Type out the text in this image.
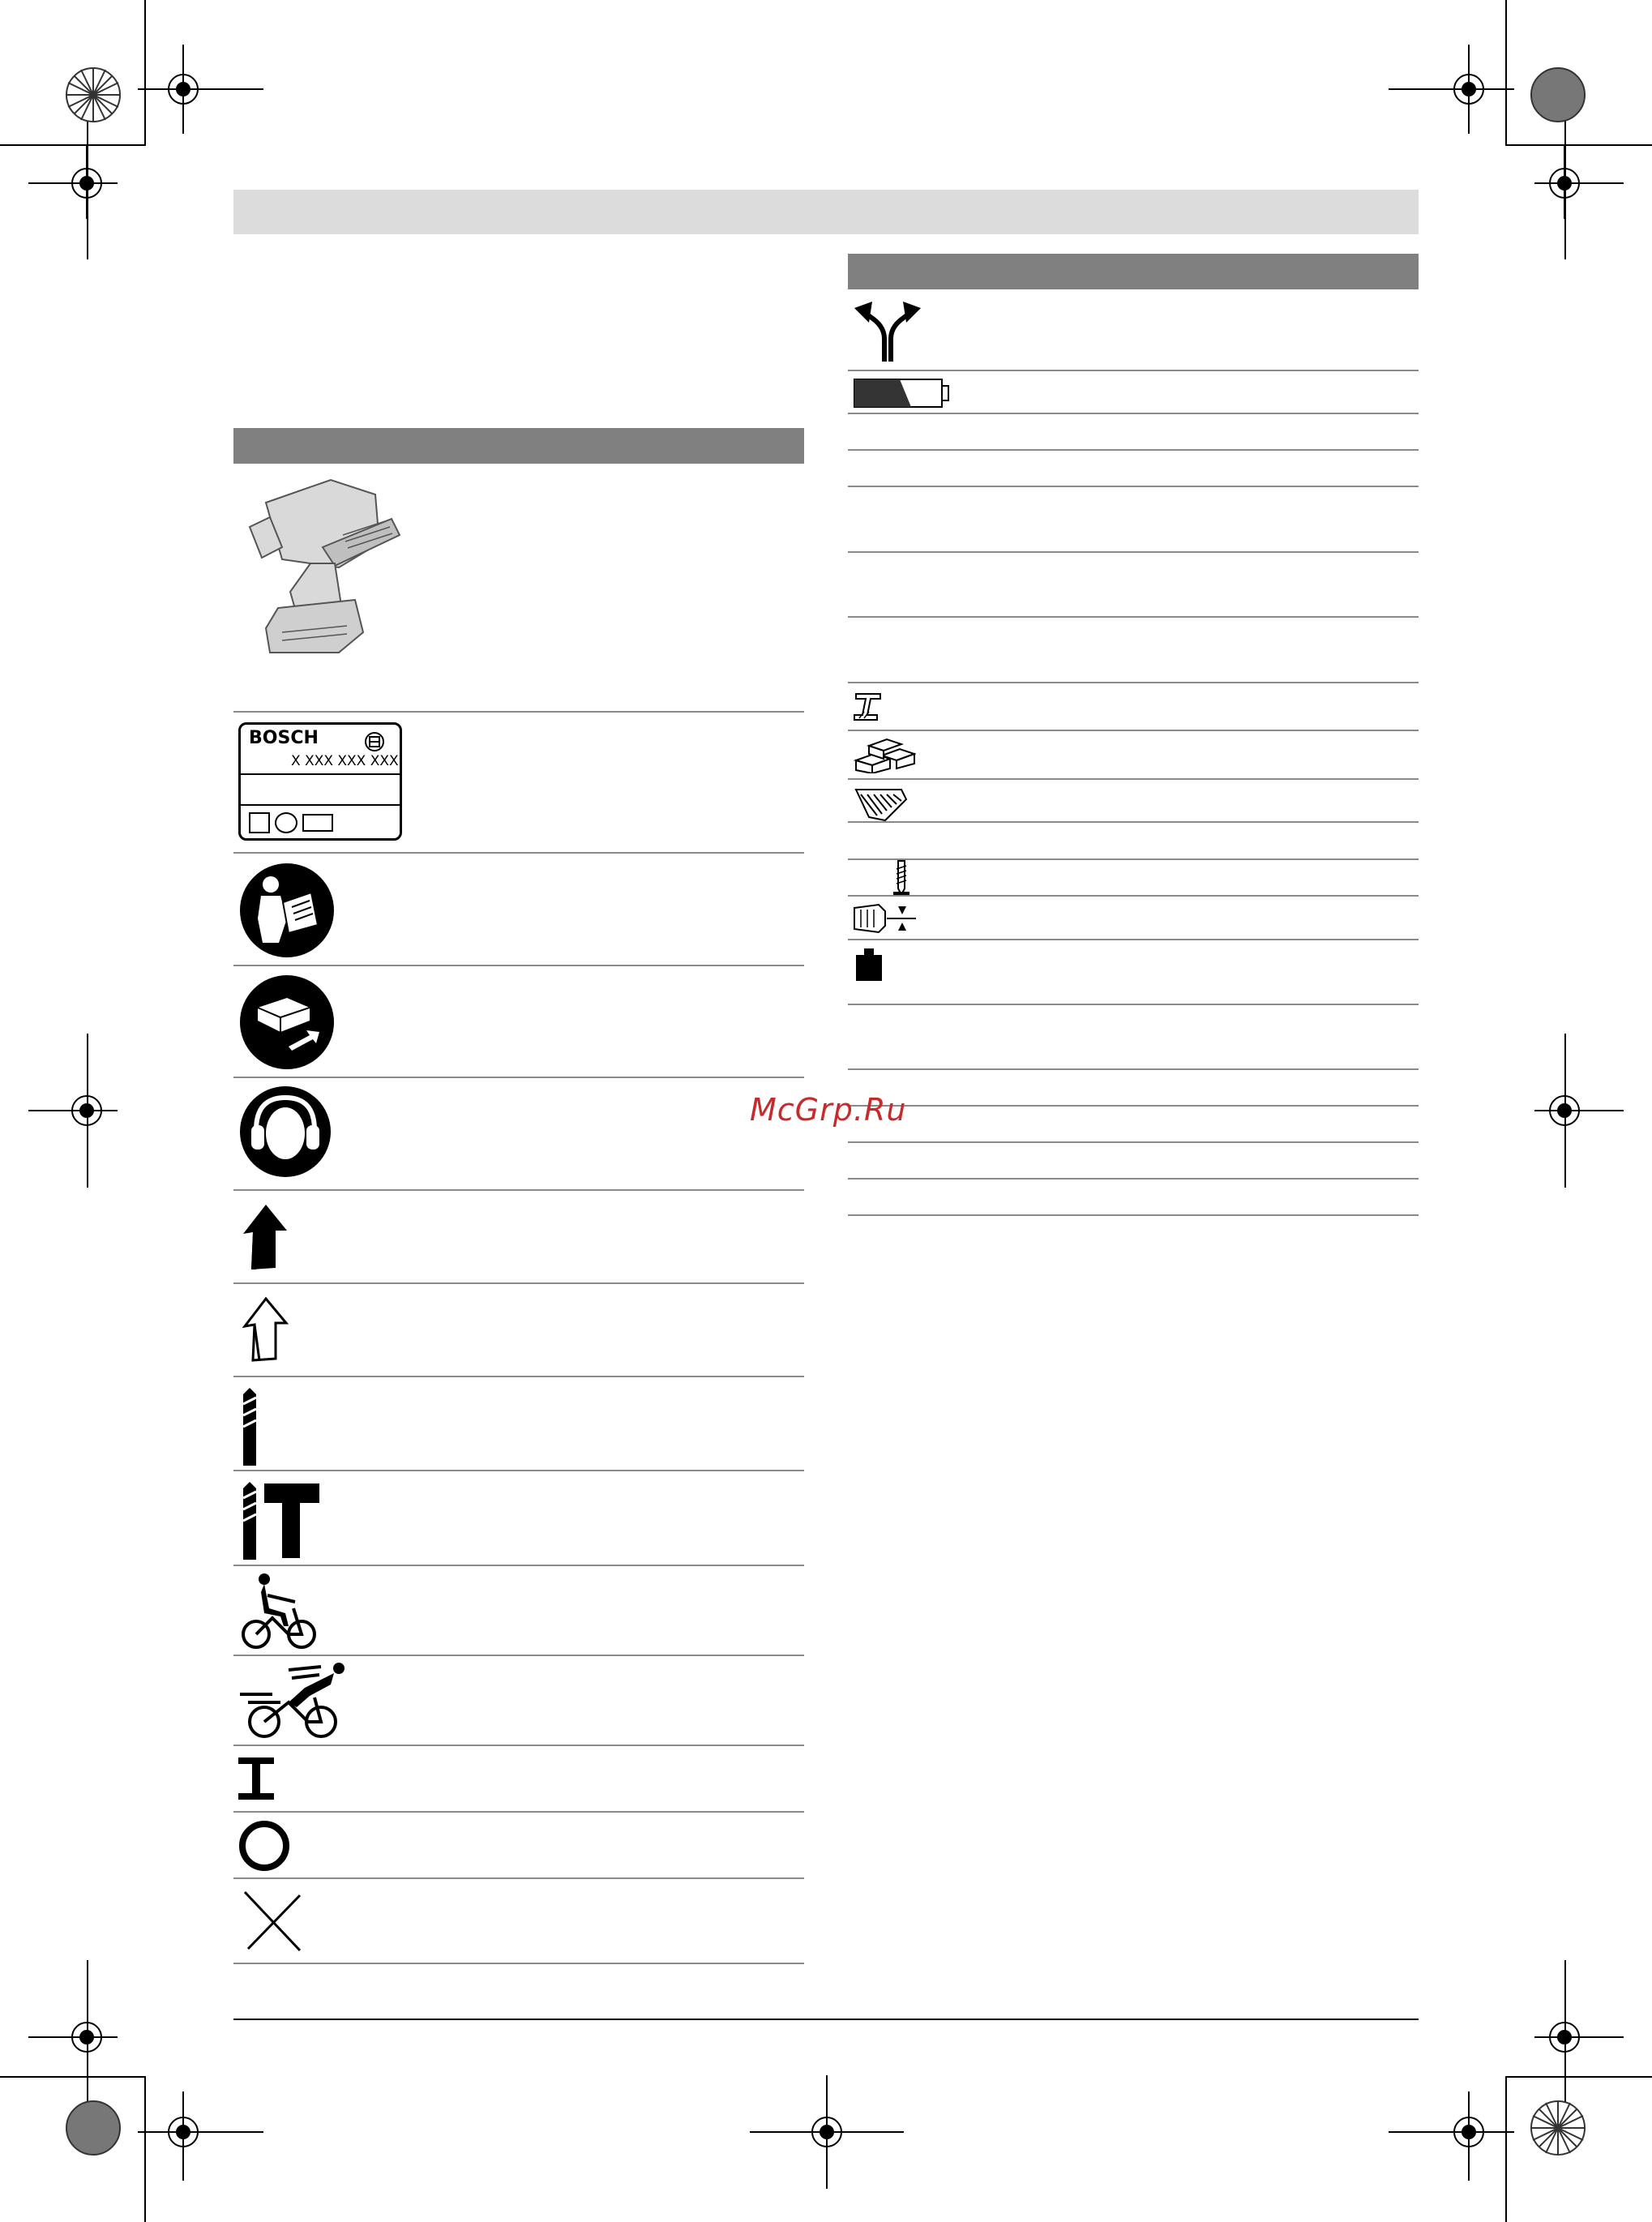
BOSCH
X XXX XXX XXX
McGrp.Ru
